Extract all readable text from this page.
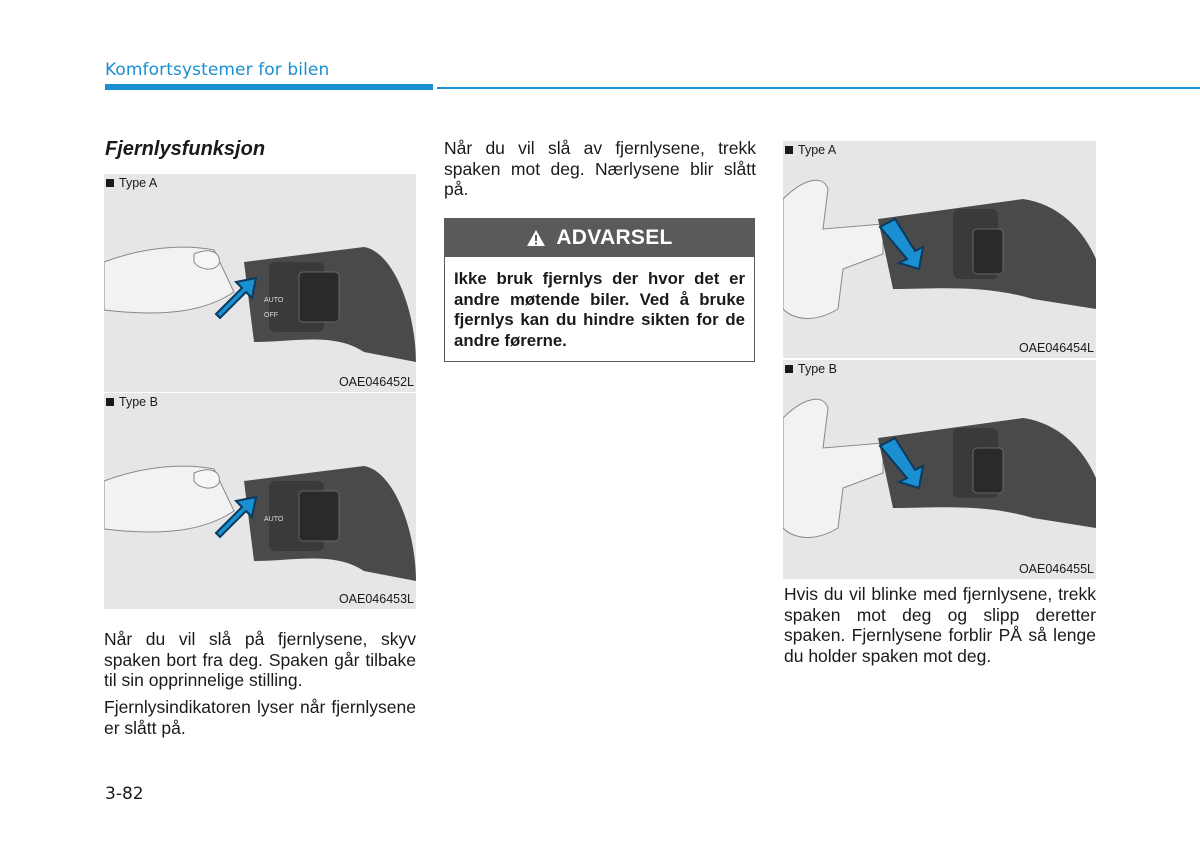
Komfortsystemer for bilen
Fjernlysfunksjon
Type A
AUTO
OFF
OAE046452L
Type B
AUTO
OAE046453L

Når du vil slå på fjernlysene, skyv spaken bort fra deg. Spaken går tilbake til sin opprinnelige stilling.

Fjernlysindikatoren lyser når fjernlysene er slått på.

Når du vil slå av fjernlysene, trekk spaken mot deg. Nærlysene blir slått på.

ADVARSEL
Ikke bruk fjernlys der hvor det er andre møtende biler. Ved å bruke fjernlys kan du hindre sikten for de andre førerne.
Type A
OAE046454L
Type B
OAE046455L

Hvis du vil blinke med fjernlysene, trekk spaken mot deg og slipp deretter spaken. Fjernlysene forblir PÅ så lenge du holder spaken mot deg.

3-82
